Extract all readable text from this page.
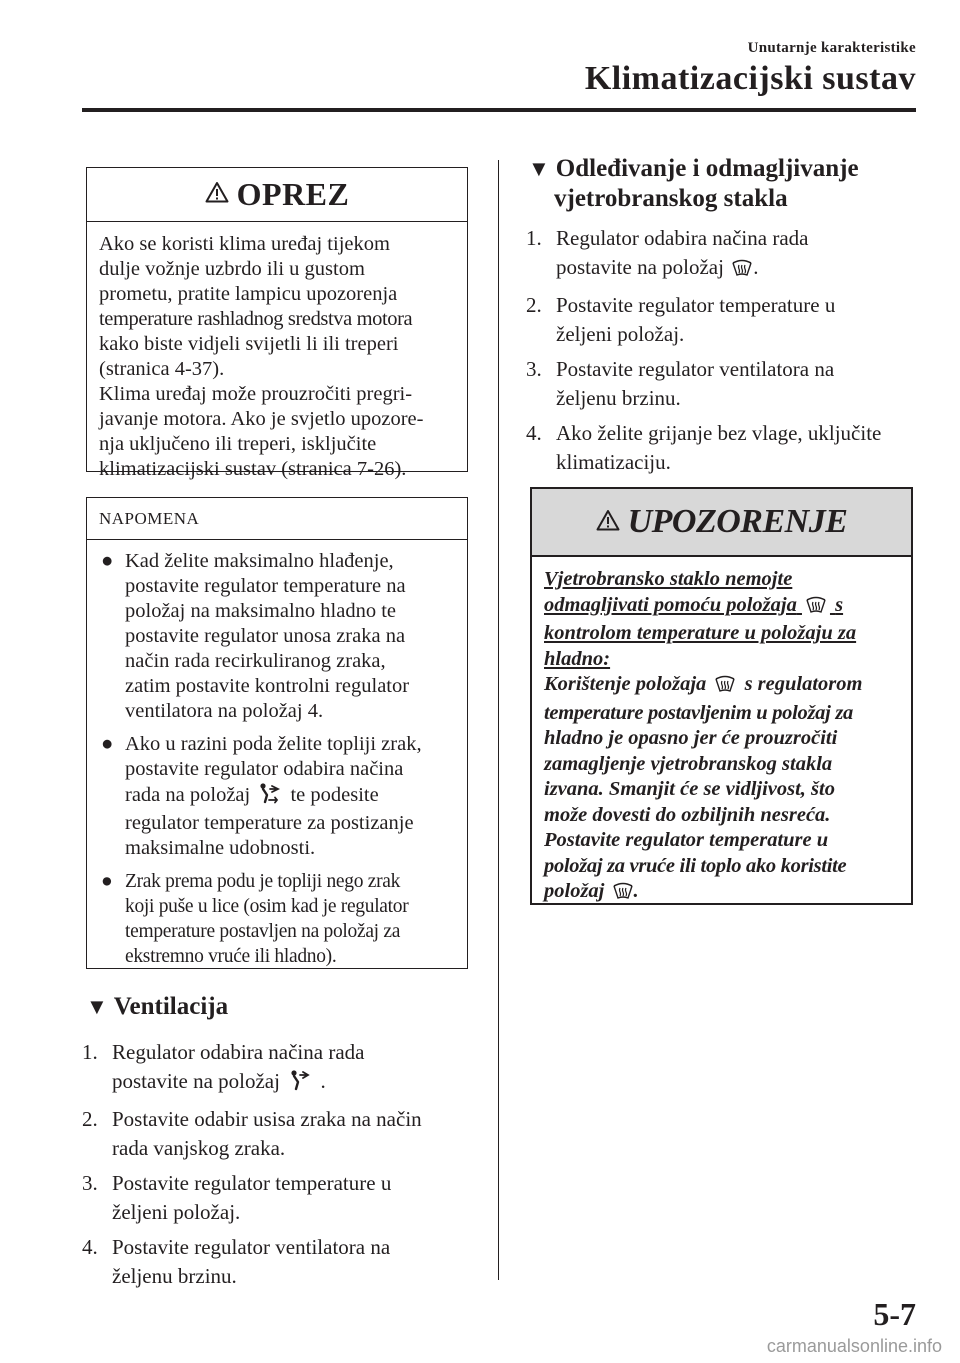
Unutarnje karakteristike
Klimatizacijski sustav
OPREZ
Ako se koristi klima uređaj tijekom
dulje vožnje uzbrdo ili u gustom
prometu, pratite lampicu upozorenja
temperature rashladnog sredstva motora
kako biste vidjeli svijetli li ili treperi
(stranica 4-37).
Klima uređaj može prouzročiti pregri-
javanje motora. Ako je svjetlo upozore-
nja uključeno ili treperi, isključite
klimatizacijski sustav (stranica 7-26).
NAPOMENA
● Kad želite maksimalno hlađenje,
postavite regulator temperature na
položaj na maksimalno hladno te
postavite regulator unosa zraka na
način rada recirkuliranog zraka,
zatim postavite kontrolni regulator
ventilatora na položaj 4.
● Ako u razini poda želite topliji zrak,
postavite regulator odabira načina
rada na položaj te podesite
regulator temperature za postizanje
maksimalne udobnosti.
● Zrak prema podu je topliji nego zrak
koji puše u lice (osim kad je regulator
temperature postavljen na položaj za
ekstremno vruće ili hladno).
▼ Ventilacija
1. Regulator odabira načina rada
postavite na položaj .
2. Postavite odabir usisa zraka na način
rada vanjskog zraka.
3. Postavite regulator temperature u
željeni položaj.
4. Postavite regulator ventilatora na
željenu brzinu.
▼ Odleđivanje i odmagljivanje
vjetrobranskog stakla
1. Regulator odabira načina rada
postavite na položaj .
2. Postavite regulator temperature u
željeni položaj.
3. Postavite regulator ventilatora na
željenu brzinu.
4. Ako želite grijanje bez vlage, uključite
klimatizaciju.
UPOZORENJE
Vjetrobransko staklo nemojte
odmagljivati pomoću položaja s
kontrolom temperature u položaju za
hladno:
Korištenje položaja s regulatorom
temperature postavljenim u položaj za
hladno je opasno jer će prouzročiti
zamagljenje vjetrobranskog stakla
izvana. Smanjit će se vidljivost, što
može dovesti do ozbiljnih nesreća.
Postavite regulator temperature u
položaj za vruće ili toplo ako koristite
položaj .
5-7
carmanualsonline.info
